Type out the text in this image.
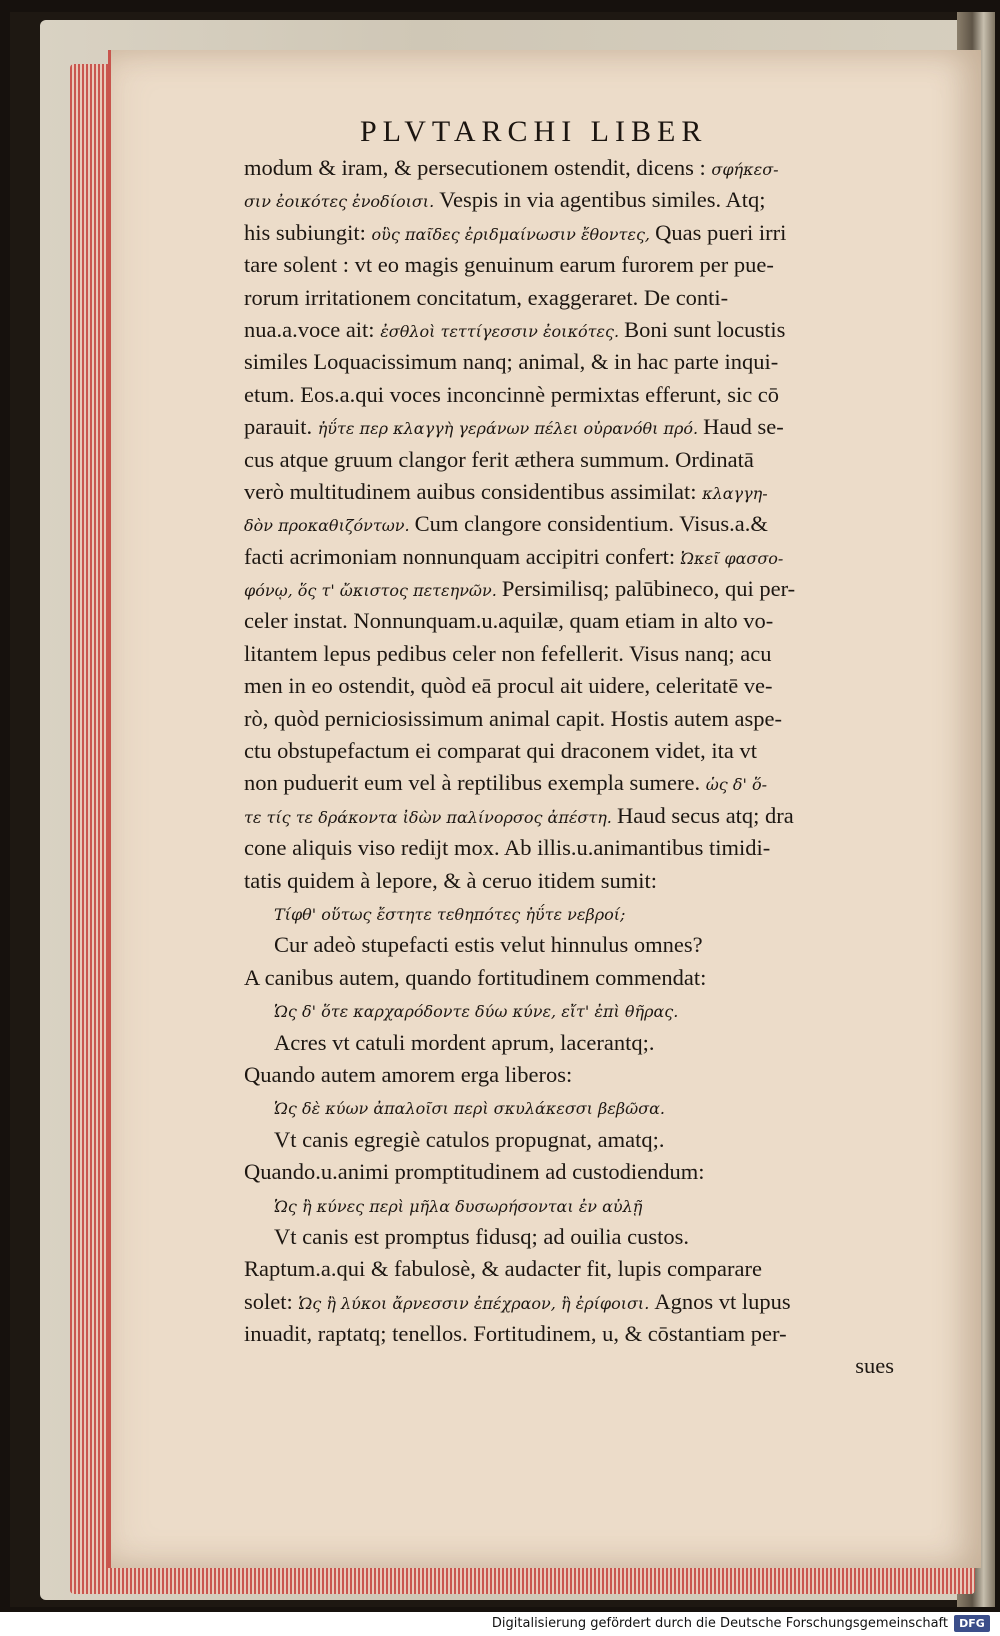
PLVTARCHI LIBER
modum & iram, & persecutionem ostendit, dicens : σφήκεσ-
σιν ἐοικότες ἐνοδίοισι. Vespis in via agentibus similes. Atq;
his subiungit: οὓς παῖδες ἐριδμαίνωσιν ἔθοντες, Quas pueri irri
tare solent : vt eo magis genuinum earum furorem per pue-
rorum irritationem concitatum, exaggeraret. De conti-
nua.a.voce ait: ἐσθλοὶ τεττίγεσσιν ἐοικότες. Boni sunt locustis
similes Loquacissimum nanq; animal, & in hac parte inqui-
etum. Eos.a.qui voces inconcinnè permixtas efferunt, sic cō
parauit. ἠΰτε περ κλαγγὴ γεράνων πέλει οὐρανόθι πρό. Haud se-
cus atque gruum clangor ferit æthera summum. Ordinatā
verò multitudinem auibus considentibus assimilat: κλαγγη-
δὸν προκαθιζόντων. Cum clangore considentium. Visus.a.&
facti acrimoniam nonnunquam accipitri confert: Ὠκεῖ φασσο-
φόνῳ, ὅς τ' ὤκιστος πετεηνῶν. Persimilisq; palūbineco, qui per-
celer instat. Nonnunquam.u.aquilæ, quam etiam in alto vo-
litantem lepus pedibus celer non fefellerit. Visus nanq; acu
men in eo ostendit, quòd eā procul ait uidere, celeritatē ve-
rò, quòd perniciosissimum animal capit. Hostis autem aspe-
ctu obstupefactum ei comparat qui draconem videt, ita vt
non puduerit eum vel à reptilibus exempla sumere. ὡς δ' ὅ-
τε τίς τε δράκοντα ἰδὼν παλίνορσος ἀπέστη. Haud secus atq; dra
cone aliquis viso redijt mox. Ab illis.u.animantibus timidi-
tatis quidem à lepore, & à ceruo itidem sumit:
Τίφθ' οὕτως ἔστητε τεθηπότες ἠΰτε νεβροί;
Cur adeò stupefacti estis velut hinnulus omnes?
A canibus autem, quando fortitudinem commendat:
Ὡς δ' ὅτε καρχαρόδοντε δύω κύνε, εἴτ' ἐπὶ θῆρας.
Acres vt catuli mordent aprum, lacerantq;.
Quando autem amorem erga liberos:
Ὡς δὲ κύων ἀπαλοῖσι περὶ σκυλάκεσσι βεβῶσα.
Vt canis egregiè catulos propugnat, amatq;.
Quando.u.animi promptitudinem ad custodiendum:
Ὡς ἢ κύνες περὶ μῆλα δυσωρήσονται ἐν αὐλῇ
Vt canis est promptus fidusq; ad ouilia custos.
Raptum.a.qui & fabulosè, & audacter fit, lupis comparare
solet: Ὡς ἢ λύκοι ἄρνεσσιν ἐπέχραον, ἢ ἐρίφοισι. Agnos vt lupus
inuadit, raptatq; tenellos. Fortitudinem, u, & cōstantiam per-
sues
Digitalisierung gefördert durch die Deutsche Forschungsgemeinschaft	DFG
